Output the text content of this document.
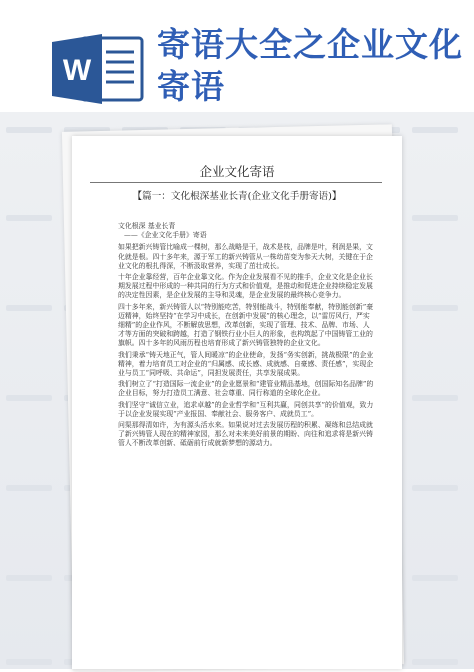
W
寄语大全之企业文化寄语
企业文化寄语
【篇一：文化根深基业长青(企业文化手册寄语)】

文化根深 基业长青

——《企业文化手册》寄语

如果把新兴铸管比喻成一棵树，那么战略是干，战术是枝，品牌是叶，利润是果，文化就是根。四十多年来，源于军工的新兴铸管从一株幼苗变为参天大树，关键在于企业文化的根扎得深，不断汲取营养，实现了茁壮成长。

十年企业靠经营，百年企业靠文化。作为企业发展看不见的推手，企业文化是企业长期发展过程中形成的一种共同的行为方式和价值观，是推动和促进企业持续稳定发展的决定性因素，是企业发展的主导和灵魂，是企业发展的最终核心竞争力。

四十多年来，新兴铸管人以“特别能吃苦，特别能战斗，特别能奉献，特别能创新”豪迈精神，始终坚持“在学习中成长，在创新中发展”的核心理念，以“雷厉风行，严实细精”的企业作风，不断解放思想，改革创新，实现了管理、技术、品牌、市场、人才等方面的突破和跨越，打造了钢铁行业小巨人的形象，也构筑起了中国铸管工业的旗帜。四十多年的风雨历程也培育形成了新兴铸管独特的企业文化。

我们秉承“铸天地正气，管人间暖凉”的企业使命，发扬“务实创新，挑战极限”的企业精神，着力培育员工对企业的“归属感、成长感、成就感、自豪感、责任感”，实现企业与员工“同呼吸、共命运”，同担发展责任，共享发展成果。

我们树立了“打造国际一流企业”的企业愿景和“建管业精品基地，创国际知名品牌”的企业目标，努力打造员工满意、社会尊重、同行称道的全球化企业。

我们坚守“诚信立业，追求卓越”的企业哲学和“互利共赢，同创共享”的价值观，致力于以企业发展实现“产业报国、奉献社会、服务客户、成就员工”。

问渠那得清如许，为有源头活水来。如果说对过去发展历程的积累、凝练和总结成就了新兴铸管人现在的精神家园，那么对未来美好前景的期盼、向往和追求将是新兴铸管人不断改革创新、砥砺前行成就新梦想的源动力。
